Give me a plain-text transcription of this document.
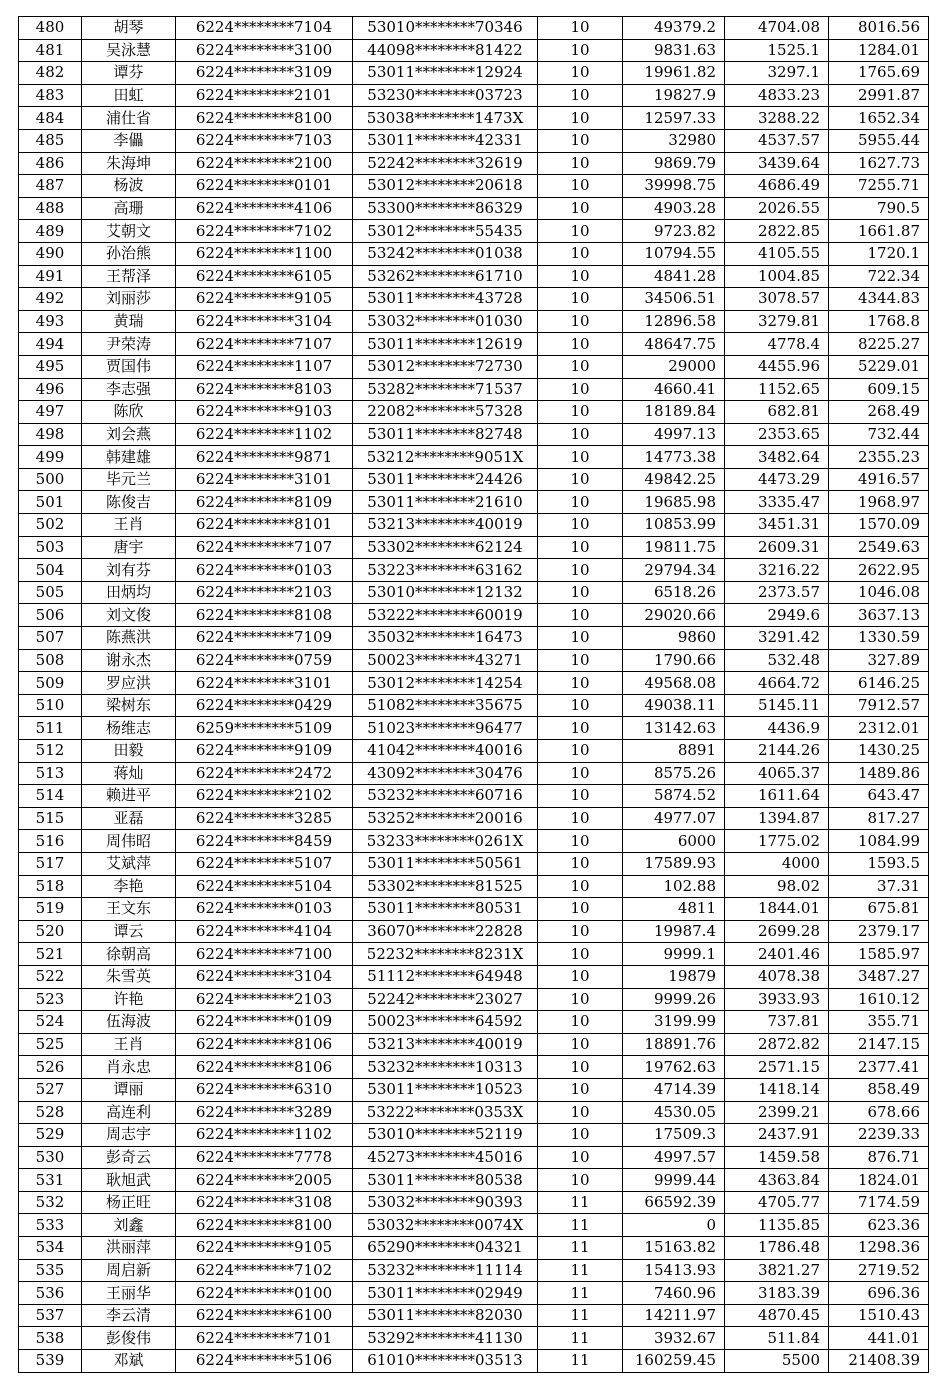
480	胡琴	6224********7104	53010********70346	10	49379.2	4704.08	8016.56
481	吴泳慧	6224********3100	44098********81422	10	9831.63	1525.1	1284.01
482	谭芬	6224********3109	53011********12924	10	19961.82	3297.1	1765.69
483	田虹	6224********2101	53230********03723	10	19827.9	4833.23	2991.87
484	浦仕省	6224********8100	53038********1473X	10	12597.33	3288.22	1652.34
485	李儡	6224********7103	53011********42331	10	32980	4537.57	5955.44
486	朱海坤	6224********2100	52242********32619	10	9869.79	3439.64	1627.73
487	杨波	6224********0101	53012********20618	10	39998.75	4686.49	7255.71
488	高珊	6224********4106	53300********86329	10	4903.28	2026.55	790.5
489	艾朝文	6224********7102	53012********55435	10	9723.82	2822.85	1661.87
490	孙治熊	6224********1100	53242********01038	10	10794.55	4105.55	1720.1
491	王帮泽	6224********6105	53262********61710	10	4841.28	1004.85	722.34
492	刘丽莎	6224********9105	53011********43728	10	34506.51	3078.57	4344.83
493	黄瑞	6224********3104	53032********01030	10	12896.58	3279.81	1768.8
494	尹荣涛	6224********7107	53011********12619	10	48647.75	4778.4	8225.27
495	贾国伟	6224********1107	53012********72730	10	29000	4455.96	5229.01
496	李志强	6224********8103	53282********71537	10	4660.41	1152.65	609.15
497	陈欣	6224********9103	22082********57328	10	18189.84	682.81	268.49
498	刘会燕	6224********1102	53011********82748	10	4997.13	2353.65	732.44
499	韩建雄	6224********9871	53212********9051X	10	14773.38	3482.64	2355.23
500	毕元兰	6224********3101	53011********24426	10	49842.25	4473.29	4916.57
501	陈俊吉	6224********8109	53011********21610	10	19685.98	3335.47	1968.97
502	王肖	6224********8101	53213********40019	10	10853.99	3451.31	1570.09
503	唐宇	6224********7107	53302********62124	10	19811.75	2609.31	2549.63
504	刘有芬	6224********0103	53223********63162	10	29794.34	3216.22	2622.95
505	田炳均	6224********2103	53010********12132	10	6518.26	2373.57	1046.08
506	刘文俊	6224********8108	53222********60019	10	29020.66	2949.6	3637.13
507	陈燕洪	6224********7109	35032********16473	10	9860	3291.42	1330.59
508	谢永杰	6224********0759	50023********43271	10	1790.66	532.48	327.89
509	罗应洪	6224********3101	53012********14254	10	49568.08	4664.72	6146.25
510	梁树东	6224********0429	51082********35675	10	49038.11	5145.11	7912.57
511	杨维志	6259********5109	51023********96477	10	13142.63	4436.9	2312.01
512	田毅	6224********9109	41042********40016	10	8891	2144.26	1430.25
513	蒋灿	6224********2472	43092********30476	10	8575.26	4065.37	1489.86
514	赖进平	6224********2102	53232********60716	10	5874.52	1611.64	643.47
515	亚磊	6224********3285	53252********20016	10	4977.07	1394.87	817.27
516	周伟昭	6224********8459	53233********0261X	10	6000	1775.02	1084.99
517	艾斌萍	6224********5107	53011********50561	10	17589.93	4000	1593.5
518	李艳	6224********5104	53302********81525	10	102.88	98.02	37.31
519	王文东	6224********0103	53011********80531	10	4811	1844.01	675.81
520	谭云	6224********4104	36070********22828	10	19987.4	2699.28	2379.17
521	徐朝高	6224********7100	52232********8231X	10	9999.1	2401.46	1585.97
522	朱雪英	6224********3104	51112********64948	10	19879	4078.38	3487.27
523	许艳	6224********2103	52242********23027	10	9999.26	3933.93	1610.12
524	伍海波	6224********0109	50023********64592	10	3199.99	737.81	355.71
525	王肖	6224********8106	53213********40019	10	18891.76	2872.82	2147.15
526	肖永忠	6224********8106	53232********10313	10	19762.63	2571.15	2377.41
527	谭丽	6224********6310	53011********10523	10	4714.39	1418.14	858.49
528	高连利	6224********3289	53222********0353X	10	4530.05	2399.21	678.66
529	周志宇	6224********1102	53010********52119	10	17509.3	2437.91	2239.33
530	彭奇云	6224********7778	45273********45016	10	4997.57	1459.58	876.71
531	耿旭武	6224********2005	53011********80538	10	9999.44	4363.84	1824.01
532	杨正旺	6224********3108	53032********90393	11	66592.39	4705.77	7174.59
533	刘鑫	6224********8100	53032********0074X	11	0	1135.85	623.36
534	洪丽萍	6224********9105	65290********04321	11	15163.82	1786.48	1298.36
535	周启新	6224********7102	53232********11114	11	15413.93	3821.27	2719.52
536	王丽华	6224********0100	53011********02949	11	7460.96	3183.39	696.36
537	李云清	6224********6100	53011********82030	11	14211.97	4870.45	1510.43
538	彭俊伟	6224********7101	53292********41130	11	3932.67	511.84	441.01
539	邓斌	6224********5106	61010********03513	11	160259.45	5500	21408.39
